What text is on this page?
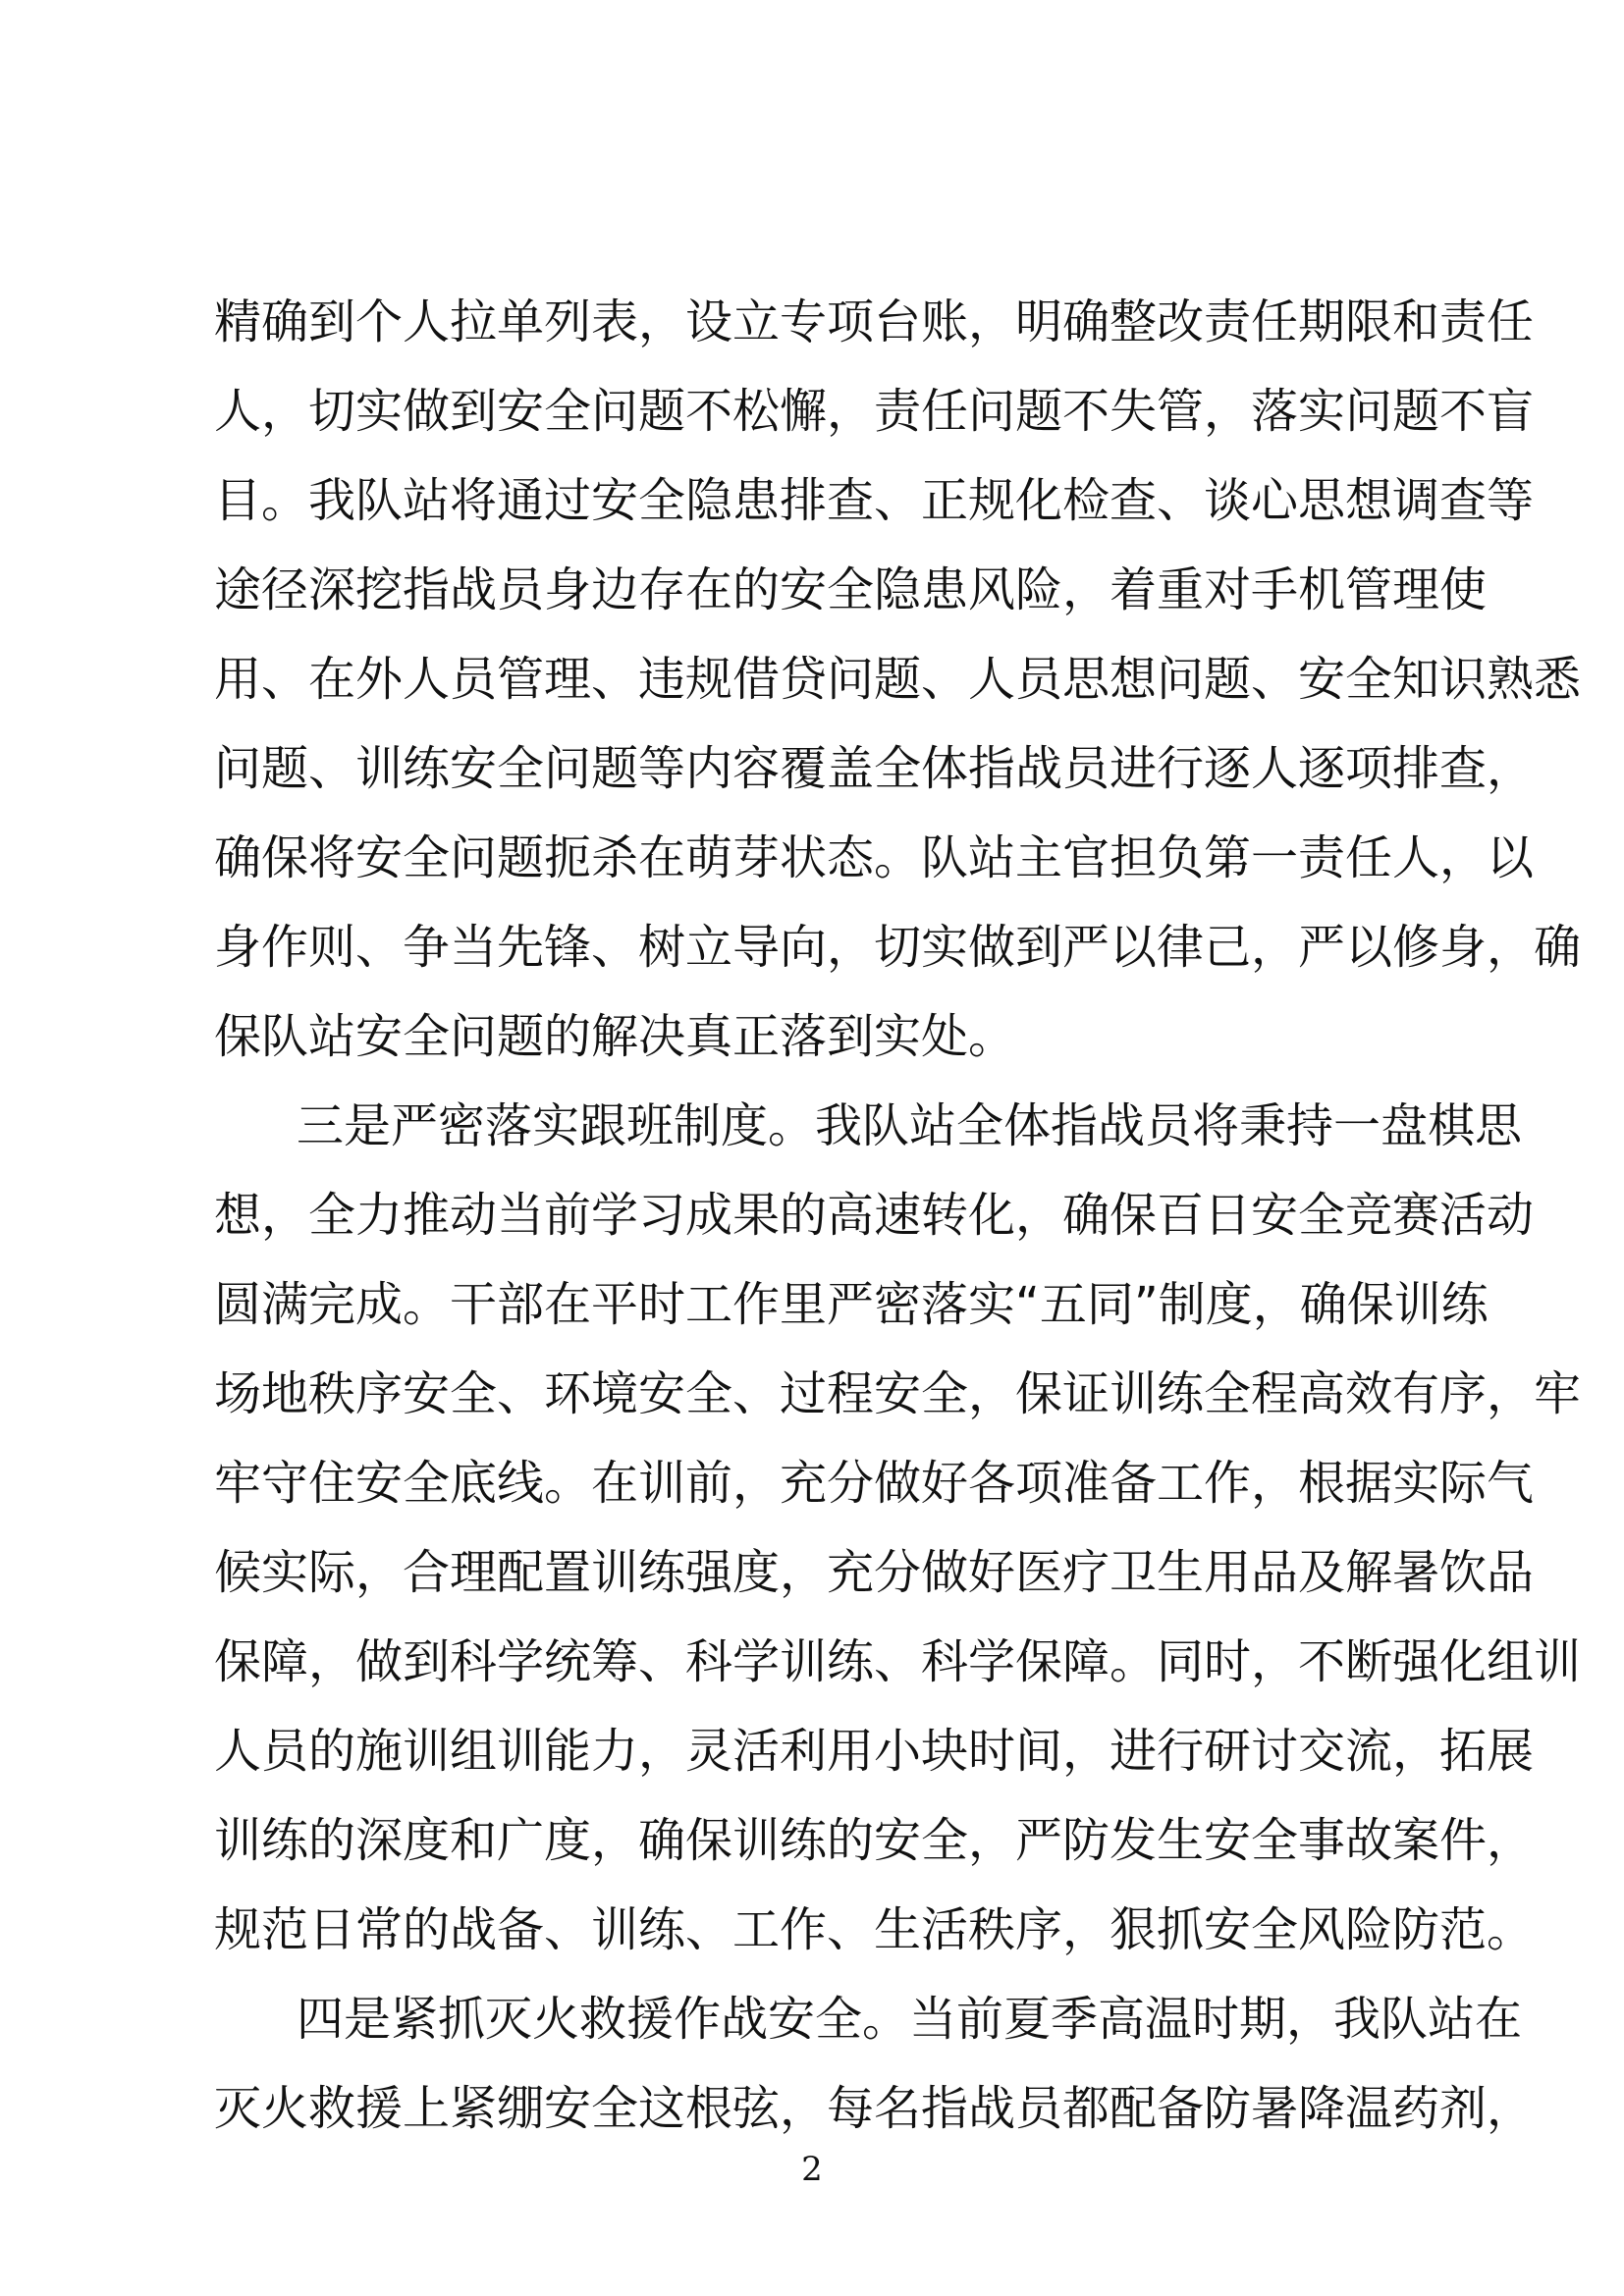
精确到个人拉单列表，设立专项台账，明确整改责任期限和责任
人，切实做到安全问题不松懈，责任问题不失管，落实问题不盲
目。我队站将通过安全隐患排查、正规化检查、谈心思想调查等
途径深挖指战员身边存在的安全隐患风险，着重对手机管理使
用、在外人员管理、违规借贷问题、人员思想问题、安全知识熟悉
问题、训练安全问题等内容覆盖全体指战员进行逐人逐项排查，
确保将安全问题扼杀在萌芽状态。队站主官担负第一责任人，以
身作则、争当先锋、树立导向，切实做到严以律己，严以修身，确
保队站安全问题的解决真正落到实处。
三是严密落实跟班制度。我队站全体指战员将秉持一盘棋思
想，全力推动当前学习成果的高速转化，确保百日安全竞赛活动
圆满完成。干部在平时工作里严密落实“五同”制度，确保训练
场地秩序安全、环境安全、过程安全，保证训练全程高效有序，牢
牢守住安全底线。在训前，充分做好各项准备工作，根据实际气
候实际，合理配置训练强度，充分做好医疗卫生用品及解暑饮品
保障，做到科学统筹、科学训练、科学保障。同时，不断强化组训
人员的施训组训能力，灵活利用小块时间，进行研讨交流，拓展
训练的深度和广度，确保训练的安全，严防发生安全事故案件，
规范日常的战备、训练、工作、生活秩序，狠抓安全风险防范。
四是紧抓灭火救援作战安全。当前夏季高温时期，我队站在
灭火救援上紧绷安全这根弦，每名指战员都配备防暑降温药剂，
2
